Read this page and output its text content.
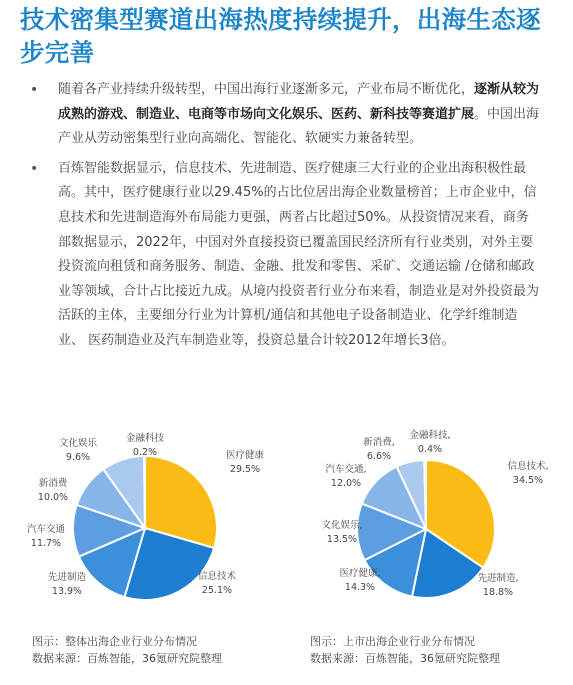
技术密集型赛道出海热度持续提升，出海生态逐步完善
• 随着各产业持续升级转型，中国出海行业逐渐多元，产业布局不断优化，逐渐从较为成熟的游戏、制造业、电商等市场向文化娱乐、医药、新科技等赛道扩展。中国出海产业从劳动密集型行业向高端化、智能化、软硬实力兼备转型。
• 百炼智能数据显示，信息技术、先进制造、医疗健康三大行业的企业出海积极性最高。其中，医疗健康行业以29.45%的占比位居出海企业数量榜首；上市企业中，信息技术和先进制造海外布局能力更强，两者占比超过50%。从投资情况来看，商务部数据显示，2022年，中国对外直接投资已覆盖国民经济所有行业类别，对外主要投资流向租赁和商务服务、制造、金融、批发和零售、采矿、交通运输 /仓储和邮政业等领域，合计占比接近九成。从境内投资者行业分布来看，制造业是对外投资最为活跃的主体，主要细分行业为计算机/通信和其他电子设备制造业、化学纤维制造业、 医药制造业及汽车制造业等，投资总量合计较2012年增长3倍。
医疗健康
29.5%
信息技术
25.1%
先进制造
13.9%
汽车交通
11.7%
新消费
10.0%
文化娱乐
9.6%
金融科技
0.2%
信息技术,
34.5%
先进制造,
18.8%
医疗健康,
14.3%
文化娱乐,
13.5%
汽车交通,
12.0%
新消费,
6.6%
金融科技,
0.4%
图示：整体出海企业行业分布情况
数据来源：百炼智能，36氪研究院整理
图示：上市出海企业行业分布情况
数据来源：百炼智能，36氪研究院整理
